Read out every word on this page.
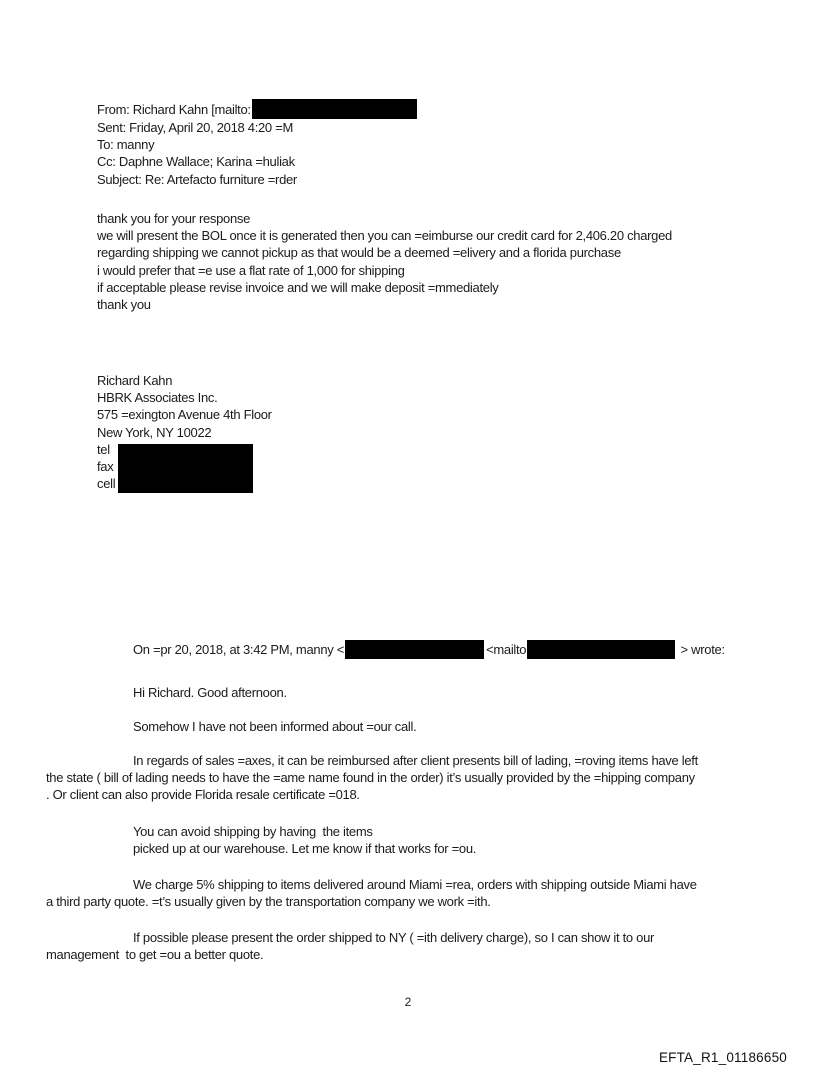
From: Richard Kahn [mailto:
Sent: Friday, April 20, 2018 4:20 =M
To: manny
Cc: Daphne Wallace; Karina =huliak
Subject: Re: Artefacto furniture =rder
thank you for your response
we will present the BOL once it is generated then you can =eimburse our credit card for 2,406.20 charged
regarding shipping we cannot pickup as that would be a deemed =elivery and a florida purchase
i would prefer that =e use a flat rate of 1,000 for shipping
if acceptable please revise invoice and we will make deposit =mmediately
thank you
Richard Kahn
HBRK Associates Inc.
575 =exington Avenue 4th Floor
New York, NY 10022
tel
fax
cell
On =pr 20, 2018, at 3:42 PM, manny <	<mailto	> wrote:
Hi Richard. Good afternoon.
Somehow I have not been informed about =our call.
In regards of sales =axes, it can be reimbursed after client presents bill of lading, =roving items have left
the state ( bill of lading needs to have the =ame name found in the order) it’s usually provided by the =hipping company
. Or client can also provide Florida resale certificate =018.
You can avoid shipping by having  the items
picked up at our warehouse. Let me know if that works for =ou.
We charge 5% shipping to items delivered around Miami =rea, orders with shipping outside Miami have
a third party quote. =t’s usually given by the transportation company we work =ith.
If possible please present the order shipped to NY ( =ith delivery charge), so I can show it to our
management  to get =ou a better quote.
2
EFTA_R1_01186650
